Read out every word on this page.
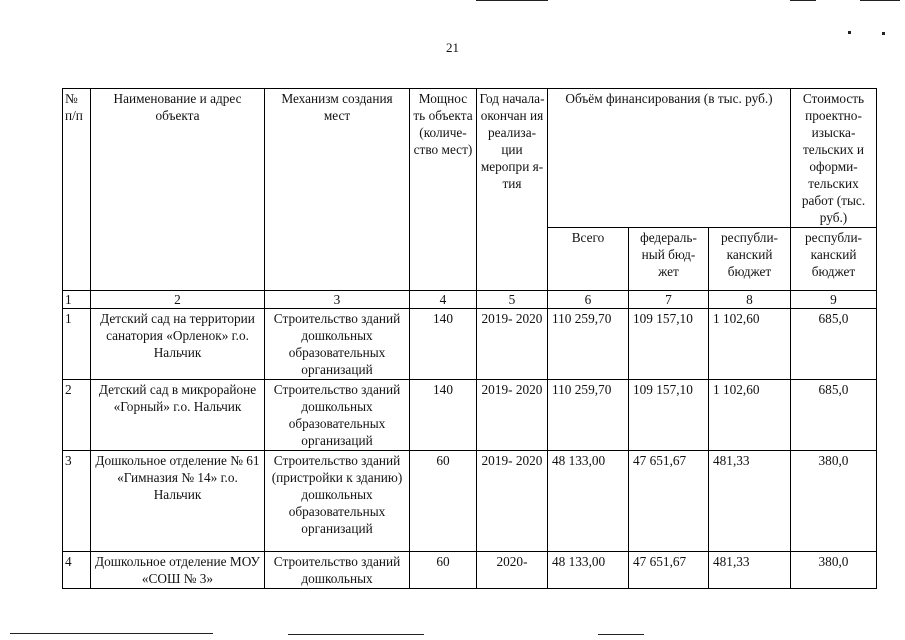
21
№ п/п	Наименование и адрес объекта	Механизм создания мест	Мощнос ть объекта (количе- ство мест)	Год начала- окончан ия реализа- ции меропри я-тия	Объём финансирования (в тыс. руб.)			Стоимость проектно- изыска- тельских и оформи- тельских работ (тыс. руб.)
					Всего	федераль- ный бюд- жет	республи- канский бюджет	республи- канский бюджет
1	2	3	4	5	6	7	8	9
1	Детский сад на территории санатория «Орленок» г.о. Нальчик	Строительство зданий дошкольных образовательных организаций	140	2019- 2020	110 259,70	109 157,10	1 102,60	685,0
2	Детский сад в микрорайоне «Горный» г.о. Нальчик	Строительство зданий дошкольных образовательных организаций	140	2019- 2020	110 259,70	109 157,10	1 102,60	685,0
3	Дошкольное отделение № 61 «Гимназия № 14» г.о. Нальчик	Строительство зданий (пристройки к зданию) дошкольных образовательных организаций	60	2019- 2020	48 133,00	47 651,67	481,33	380,0
4	Дошкольное отделение МОУ «СОШ № 3»	Строительство зданий дошкольных	60	2020-	48 133,00	47 651,67	481,33	380,0
